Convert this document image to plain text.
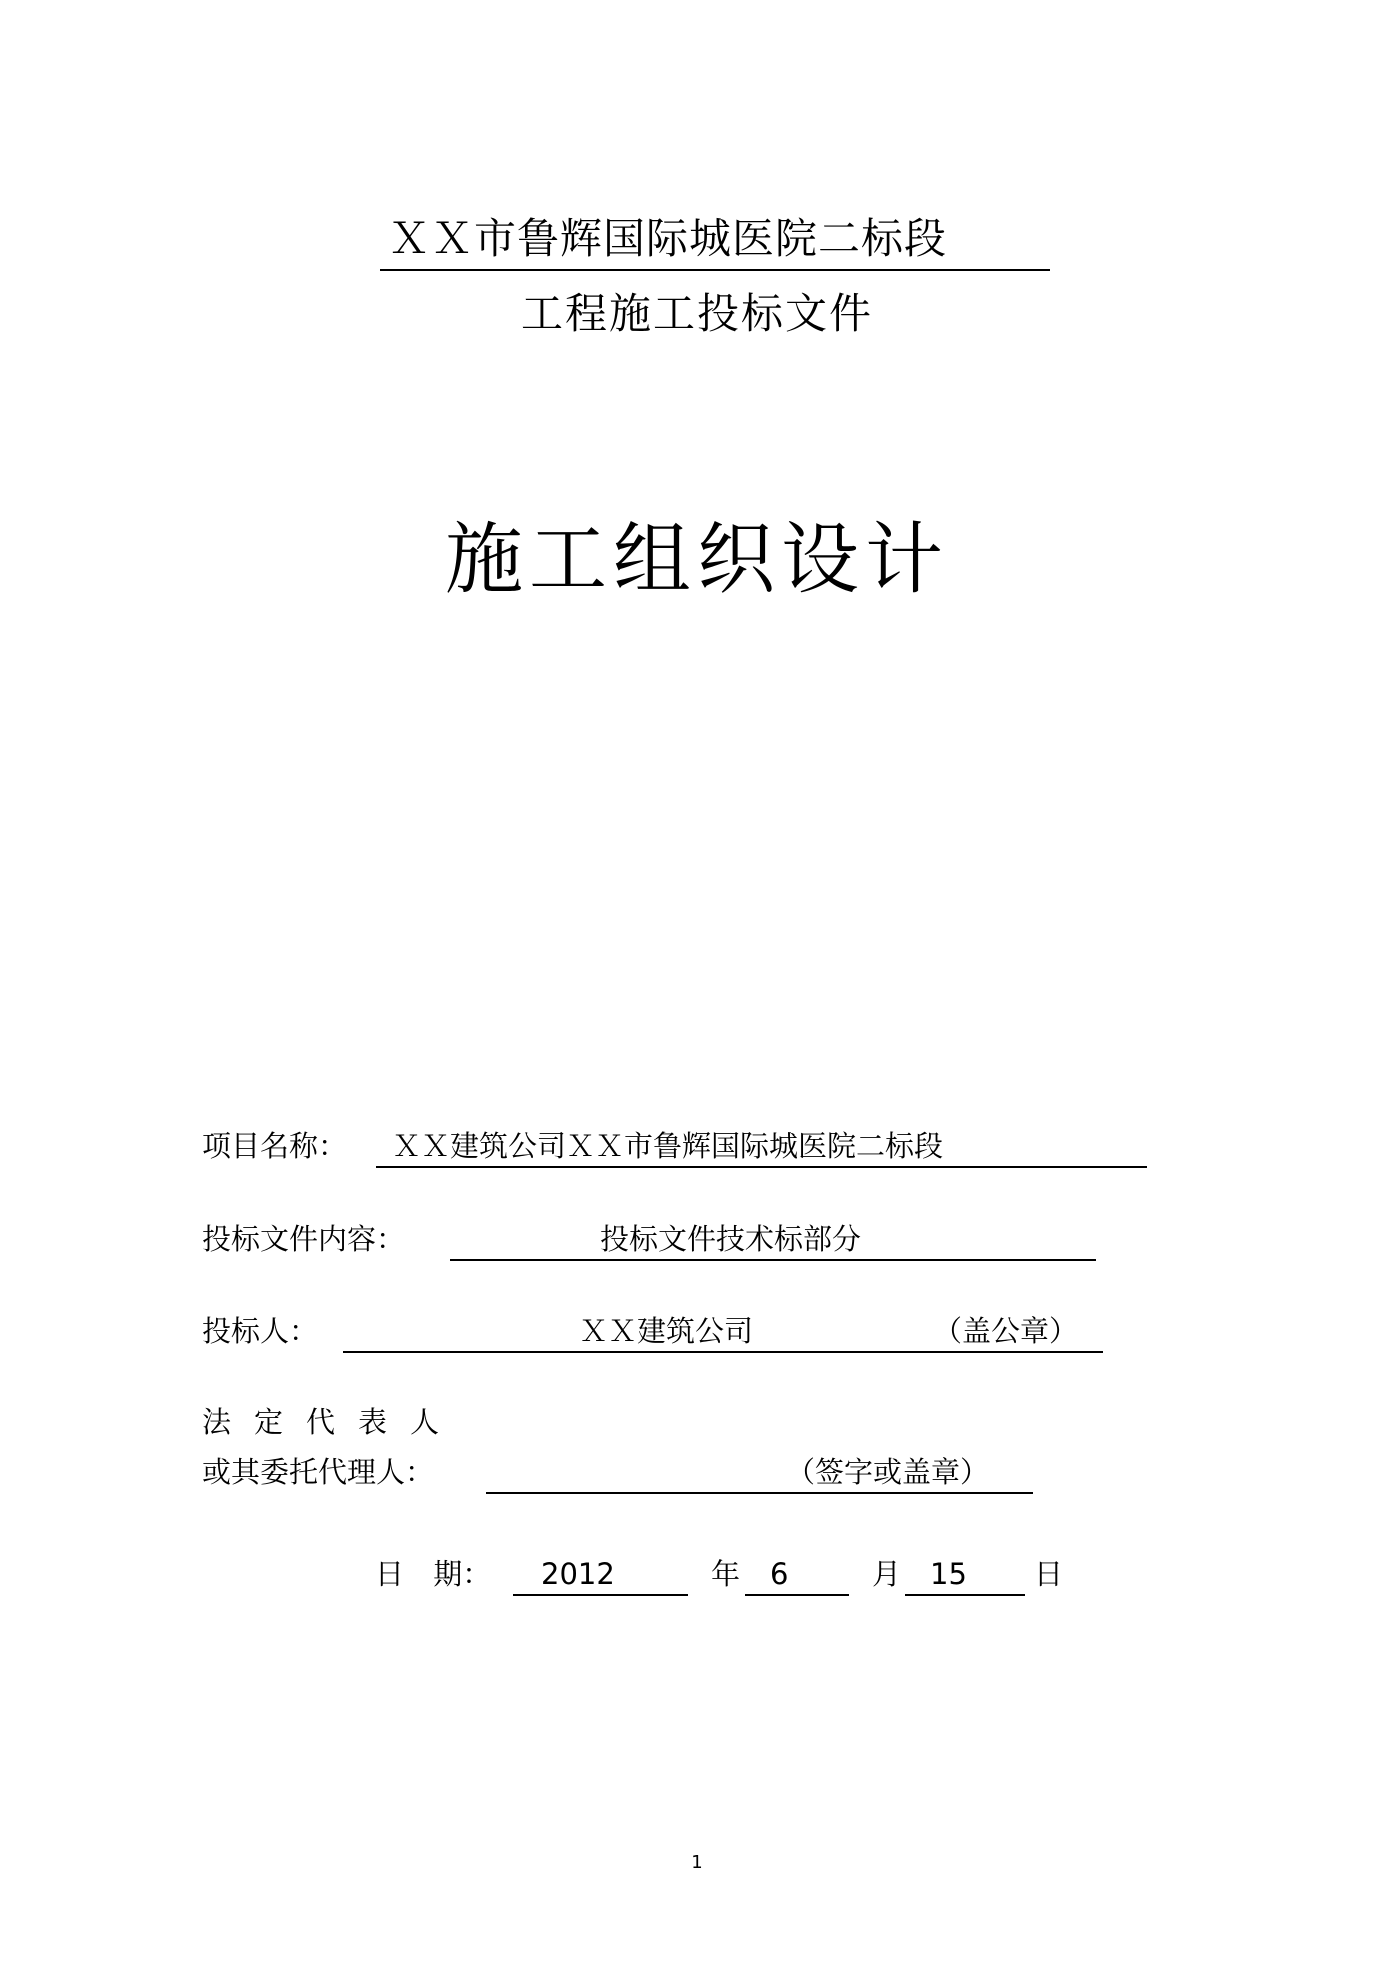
ＸＸ市鲁辉国际城医院二标段
工程施工投标文件
施工组织设计
项目名称： ＸＸ建筑公司ＸＸ市鲁辉国际城医院二标段
投标文件内容：	投标文件技术标部分
投标人：	ＸＸ建筑公司	（盖公章）
法定代表人
或其委托代理人：	（签字或盖章）
日 期： 2012	年 6	月 15 日
1
